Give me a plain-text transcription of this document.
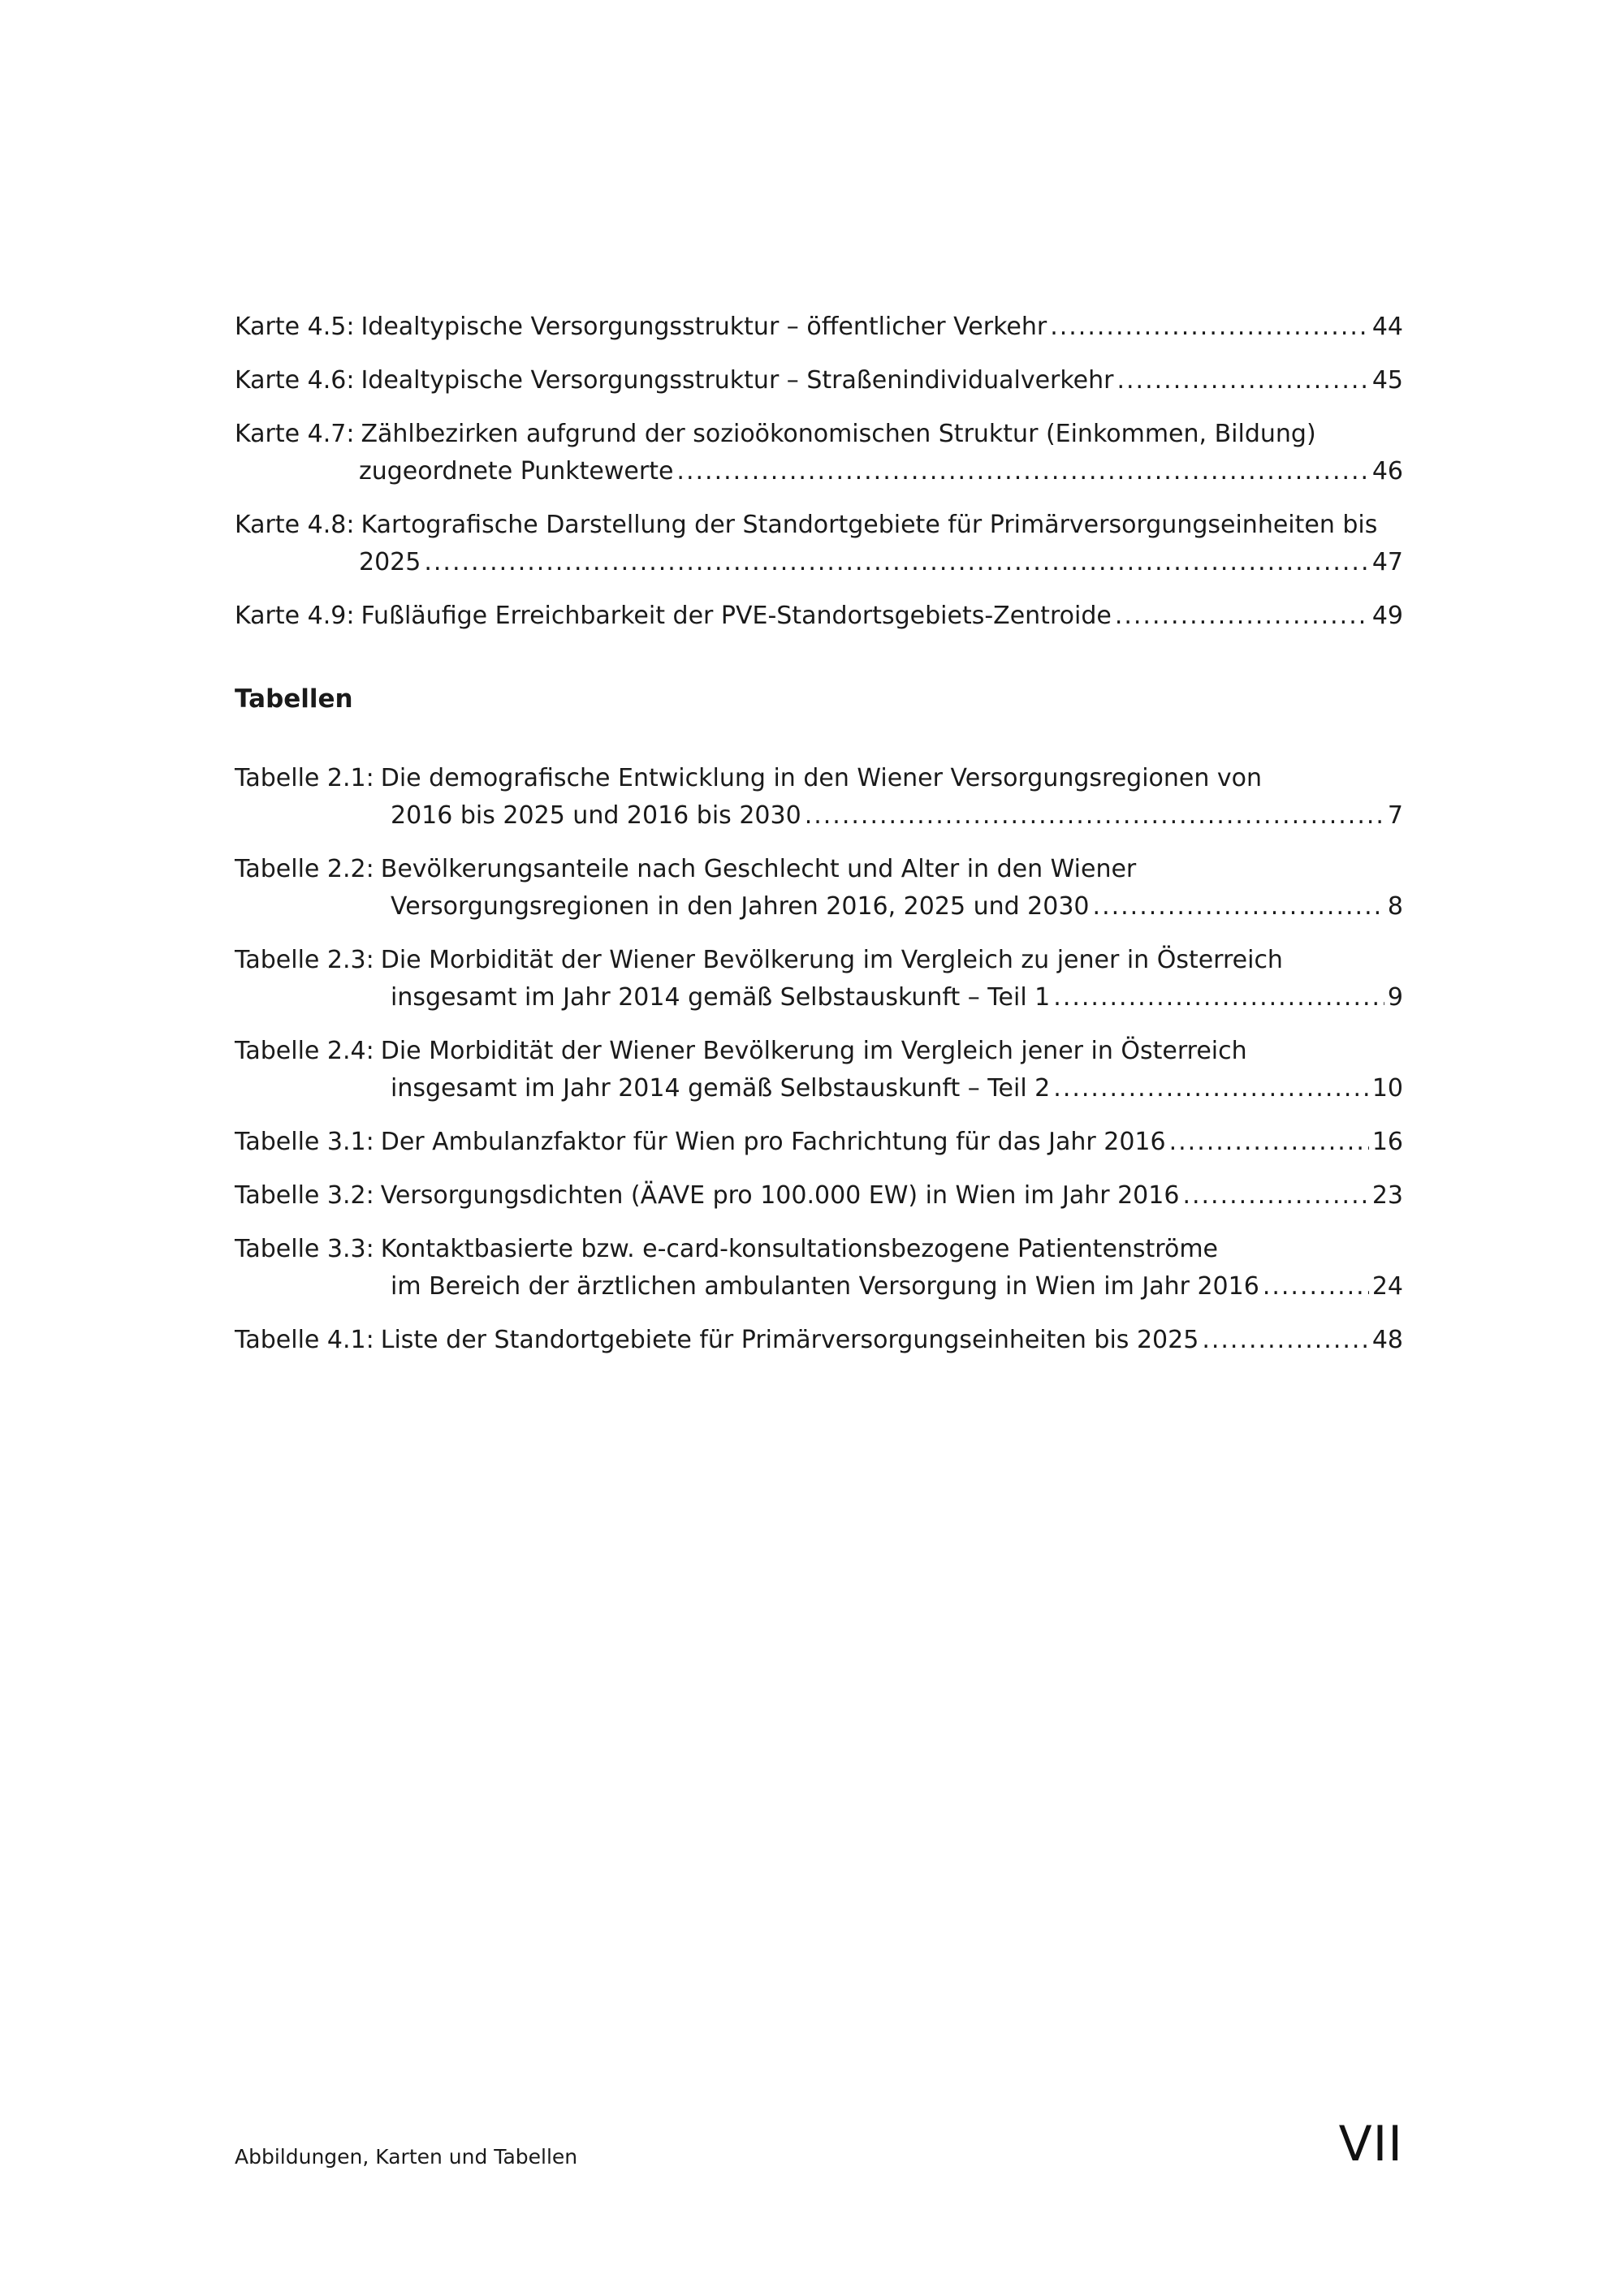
Karte 4.5: Idealtypische Versorgungsstruktur – öffentlicher Verkehr .....	44
Karte 4.6: Idealtypische Versorgungsstruktur – Straßenindividualverkehr .....	45
Karte 4.7: Zählbezirken aufgrund der sozioökonomischen Struktur (Einkommen, Bildung)
zugeordnete Punktewerte .....	46
Karte 4.8: Kartografische Darstellung der Standortgebiete für Primärversorgungseinheiten bis
2025 .....	47
Karte 4.9: Fußläufige Erreichbarkeit der PVE-Standortsgebiets-Zentroide .....	49
Tabellen
Tabelle 2.1: Die demografische Entwicklung in den Wiener Versorgungsregionen von
2016 bis 2025 und 2016 bis 2030 .....	7
Tabelle 2.2: Bevölkerungsanteile nach Geschlecht und Alter in den Wiener
Versorgungsregionen in den Jahren 2016, 2025 und 2030 .....	8
Tabelle 2.3: Die Morbidität der Wiener Bevölkerung im Vergleich zu jener in Österreich
insgesamt im Jahr 2014 gemäß Selbstauskunft – Teil 1 .....	9
Tabelle 2.4: Die Morbidität der Wiener Bevölkerung im Vergleich jener in Österreich
insgesamt im Jahr 2014 gemäß Selbstauskunft – Teil 2 .....	10
Tabelle 3.1: Der Ambulanzfaktor für Wien pro Fachrichtung für das Jahr 2016 .....	16
Tabelle 3.2: Versorgungsdichten (ÄAVE pro 100.000 EW) in Wien im Jahr 2016 .....	23
Tabelle 3.3: Kontaktbasierte bzw. e-card-konsultationsbezogene Patientenströme
im Bereich der ärztlichen ambulanten Versorgung in Wien im Jahr 2016 .....	24
Tabelle 4.1: Liste der Standortgebiete für Primärversorgungseinheiten bis 2025 .....	48
Abbildungen, Karten und Tabellen	VII
